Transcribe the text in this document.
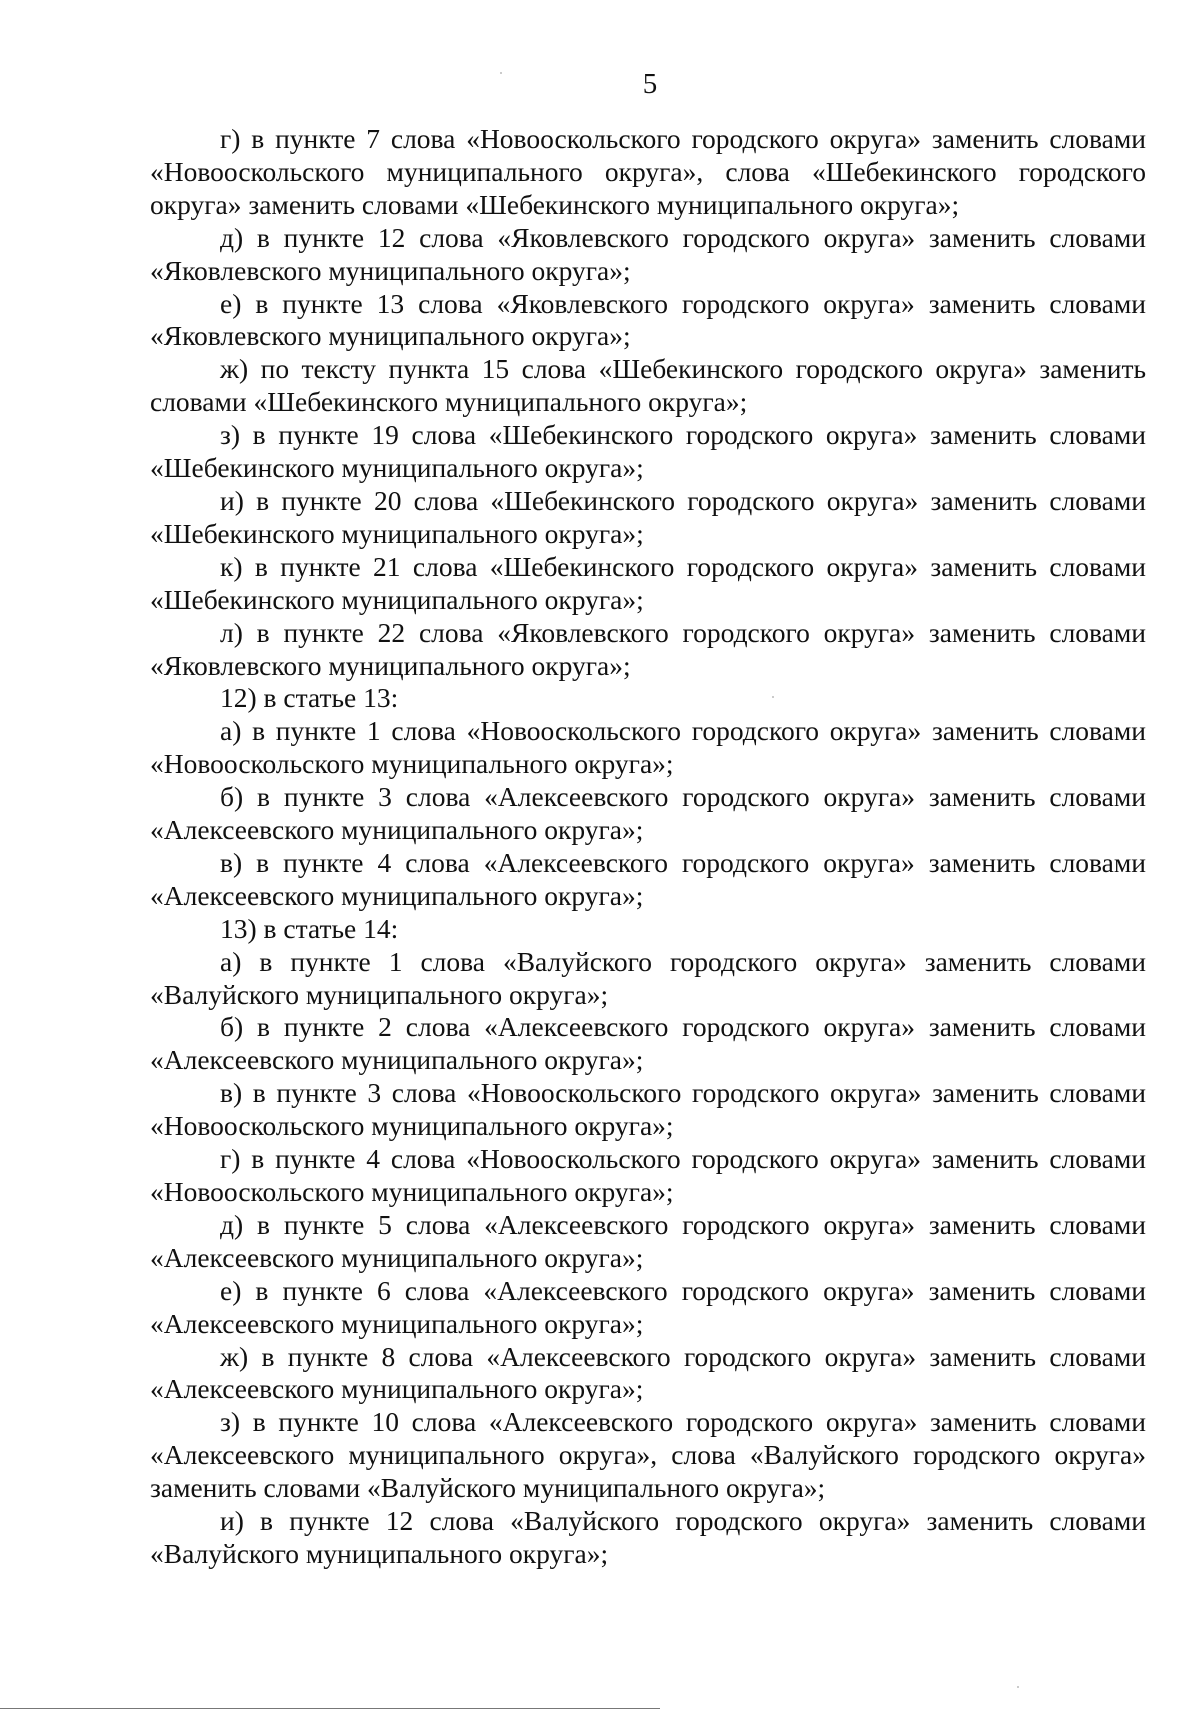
5

г) в пункте 7 слова «Новооскольского городского округа» заменить словами «Новооскольского муниципального округа», слова «Шебекинского городского округа» заменить словами «Шебекинского муниципального округа»;

д) в пункте 12 слова «Яковлевского городского округа» заменить словами «Яковлевского муниципального округа»;

е) в пункте 13 слова «Яковлевского городского округа» заменить словами «Яковлевского муниципального округа»;

ж) по тексту пункта 15 слова «Шебекинского городского округа» заменить словами «Шебекинского муниципального округа»;

з) в пункте 19 слова «Шебекинского городского округа» заменить словами «Шебекинского муниципального округа»;

и) в пункте 20 слова «Шебекинского городского округа» заменить словами «Шебекинского муниципального округа»;

к) в пункте 21 слова «Шебекинского городского округа» заменить словами «Шебекинского муниципального округа»;

л) в пункте 22 слова «Яковлевского городского округа» заменить словами «Яковлевского муниципального округа»;

12) в статье 13:

а) в пункте 1 слова «Новооскольского городского округа» заменить словами «Новооскольского муниципального округа»;

б) в пункте 3 слова «Алексеевского городского округа» заменить словами «Алексеевского муниципального округа»;

в) в пункте 4 слова «Алексеевского городского округа» заменить словами «Алексеевского муниципального округа»;

13) в статье 14:

а) в пункте 1 слова «Валуйского городского округа» заменить словами «Валуйского муниципального округа»;

б) в пункте 2 слова «Алексеевского городского округа» заменить словами «Алексеевского муниципального округа»;

в) в пункте 3 слова «Новооскольского городского округа» заменить словами «Новооскольского муниципального округа»;

г) в пункте 4 слова «Новооскольского городского округа» заменить словами «Новооскольского муниципального округа»;

д) в пункте 5 слова «Алексеевского городского округа» заменить словами «Алексеевского муниципального округа»;

е) в пункте 6 слова «Алексеевского городского округа» заменить словами «Алексеевского муниципального округа»;

ж) в пункте 8 слова «Алексеевского городского округа» заменить словами «Алексеевского муниципального округа»;

з) в пункте 10 слова «Алексеевского городского округа» заменить словами «Алексеевского муниципального округа», слова «Валуйского городского округа» заменить словами «Валуйского муниципального округа»;

и) в пункте 12 слова «Валуйского городского округа» заменить словами «Валуйского муниципального округа»;
